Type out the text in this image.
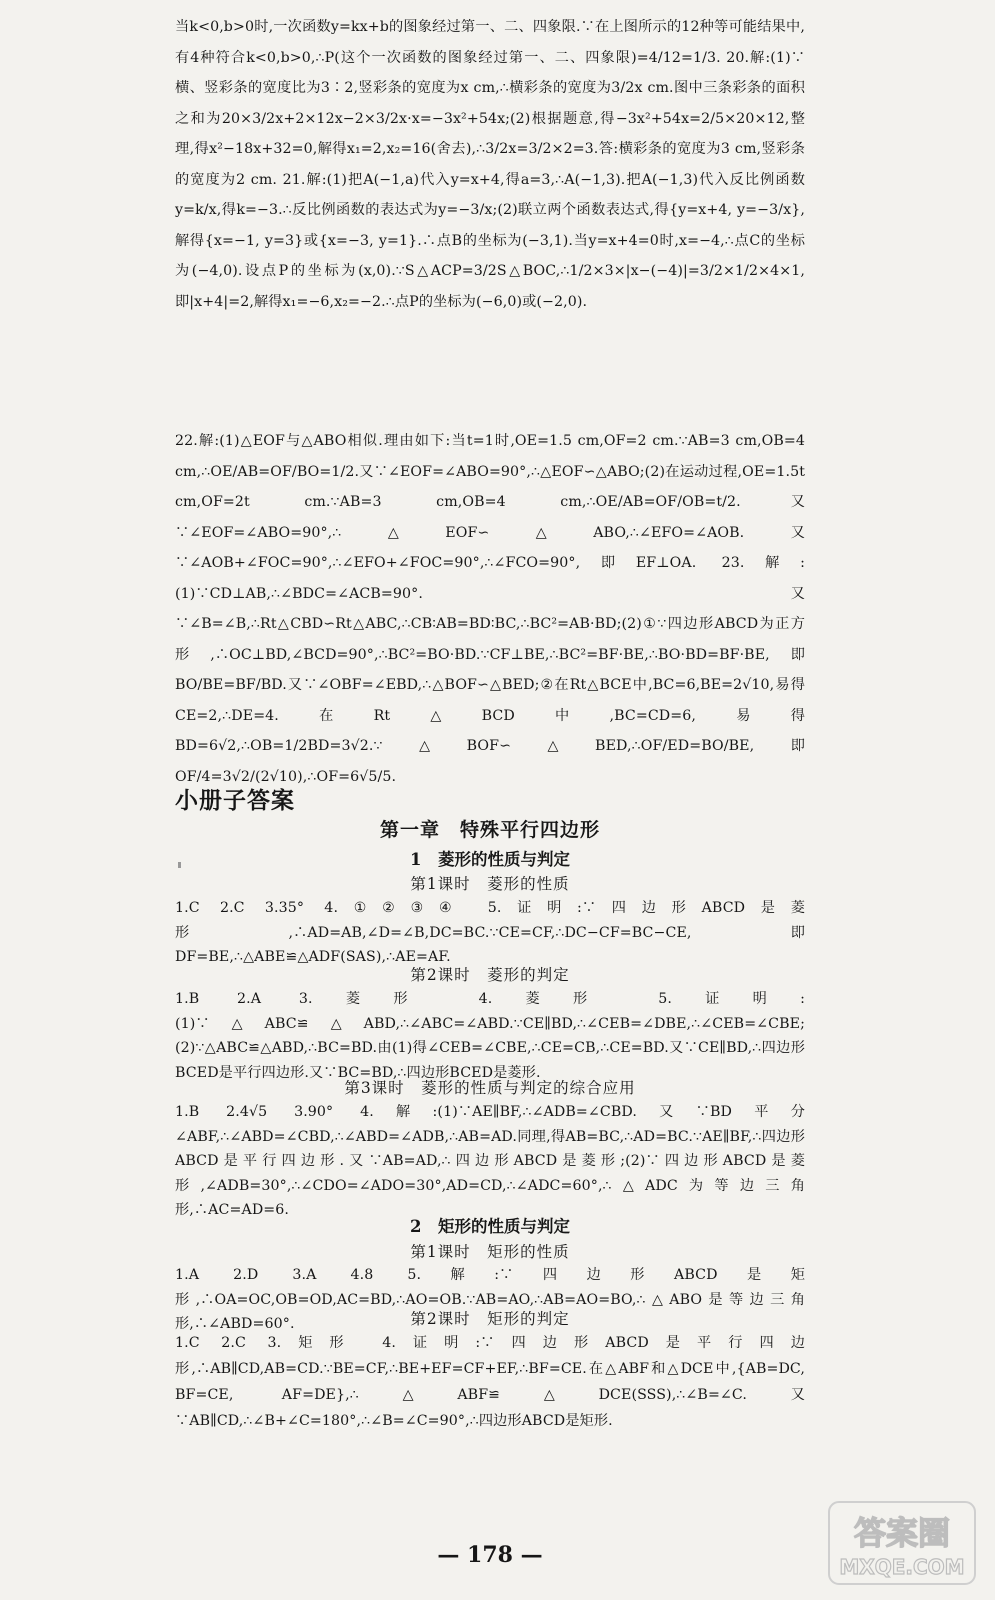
当k<0,b>0时,一次函数y=kx+b的图象经过第一、二、四象限.∵在上图所示的12种等可能结果中,有4种符合k<0,b>0,∴P(这个一次函数的图象经过第一、二、四象限)=4/12=1/3. 20.解:(1)∵横、竖彩条的宽度比为3∶2,竖彩条的宽度为x cm,∴横彩条的宽度为3/2x cm.图中三条彩条的面积之和为20×3/2x+2×12x−2×3/2x·x=−3x²+54x;(2)根据题意,得−3x²+54x=2/5×20×12,整理,得x²−18x+32=0,解得x₁=2,x₂=16(舍去),∴3/2x=3/2×2=3.答:横彩条的宽度为3 cm,竖彩条的宽度为2 cm. 21.解:(1)把A(−1,a)代入y=x+4,得a=3,∴A(−1,3).把A(−1,3)代入反比例函数y=k/x,得k=−3.∴反比例函数的表达式为y=−3/x;(2)联立两个函数表达式,得{y=x+4, y=−3/x},解得{x=−1, y=3}或{x=−3, y=1}.∴点B的坐标为(−3,1).当y=x+4=0时,x=−4,∴点C的坐标为(−4,0).设点P的坐标为(x,0).∵S△ACP=3/2S△BOC,∴1/2×3×|x−(−4)|=3/2×1/2×4×1,即|x+4|=2,解得x₁=−6,x₂=−2.∴点P的坐标为(−6,0)或(−2,0).
22.解:(1)△EOF与△ABO相似.理由如下:当t=1时,OE=1.5 cm,OF=2 cm.∵AB=3 cm,OB=4 cm,∴OE/AB=OF/BO=1/2.又∵∠EOF=∠ABO=90°,∴△EOF∽△ABO;(2)在运动过程,OE=1.5t cm,OF=2t cm.∵AB=3 cm,OB=4 cm,∴OE/AB=OF/OB=t/2.又∵∠EOF=∠ABO=90°,∴△EOF∽△ABO,∴∠EFO=∠AOB.又∵∠AOB+∠FOC=90°,∴∠EFO+∠FOC=90°,∴∠FCO=90°,即EF⊥OA. 23.解:(1)∵CD⊥AB,∴∠BDC=∠ACB=90°.又∵∠B=∠B,∴Rt△CBD∽Rt△ABC,∴CB∶AB=BD∶BC,∴BC²=AB·BD;(2)①∵四边形ABCD为正方形,∴OC⊥BD,∠BCD=90°,∴BC²=BO·BD.∵CF⊥BE,∴BC²=BF·BE,∴BO·BD=BF·BE,即BO/BE=BF/BD.又∵∠OBF=∠EBD,∴△BOF∽△BED;②在Rt△BCE中,BC=6,BE=2√10,易得CE=2,∴DE=4.在Rt△BCD中,BC=CD=6,易得BD=6√2,∴OB=1/2BD=3√2.∵△BOF∽△BED,∴OF/ED=BO/BE,即OF/4=3√2/(2√10),∴OF=6√5/5.
小册子答案
第一章　特殊平行四边形
1　菱形的性质与判定
第1课时　菱形的性质
1.C 2.C 3.35° 4.①②③④ 5.证明:∵四边形ABCD是菱形,∴AD=AB,∠D=∠B,DC=BC.∵CE=CF,∴DC−CF=BC−CE,即DF=BE,∴△ABE≌△ADF(SAS),∴AE=AF.
第2课时　菱形的判定
1.B 2.A 3.菱形 4.菱形 5.证明:(1)∵△ABC≌△ABD,∴∠ABC=∠ABD.∵CE∥BD,∴∠CEB=∠DBE,∴∠CEB=∠CBE;(2)∵△ABC≌△ABD,∴BC=BD.由(1)得∠CEB=∠CBE,∴CE=CB,∴CE=BD.又∵CE∥BD,∴四边形BCED是平行四边形.又∵BC=BD,∴四边形BCED是菱形.
第3课时　菱形的性质与判定的综合应用
1.B 2.4√5 3.90° 4.解:(1)∵AE∥BF,∴∠ADB=∠CBD.又∵BD平分∠ABF,∴∠ABD=∠CBD,∴∠ABD=∠ADB,∴AB=AD.同理,得AB=BC,∴AD=BC.∵AE∥BF,∴四边形ABCD是平行四边形.又∵AB=AD,∴四边形ABCD是菱形;(2)∵四边形ABCD是菱形,∠ADB=30°,∴∠CDO=∠ADO=30°,AD=CD,∴∠ADC=60°,∴△ADC为等边三角形,∴AC=AD=6.
2　矩形的性质与判定
第1课时　矩形的性质
1.A 2.D 3.A 4.8 5.解:∵四边形ABCD是矩形,∴OA=OC,OB=OD,AC=BD,∴AO=OB.∵AB=AO,∴AB=AO=BO,∴△ABO是等边三角形,∴∠ABD=60°.	第2课时　矩形的判定
1.C 2.C 3.矩形 4.证明:∵四边形ABCD是平行四边形,∴AB∥CD,AB=CD.∵BE=CF,∴BE+EF=CF+EF,∴BF=CE.在△ABF和△DCE中,{AB=DC, BF=CE, AF=DE},∴△ABF≌△DCE(SSS),∴∠B=∠C.又∵AB∥CD,∴∠B+∠C=180°,∴∠B=∠C=90°,∴四边形ABCD是矩形.
— 178 —
答案圈
MXQE.COM
